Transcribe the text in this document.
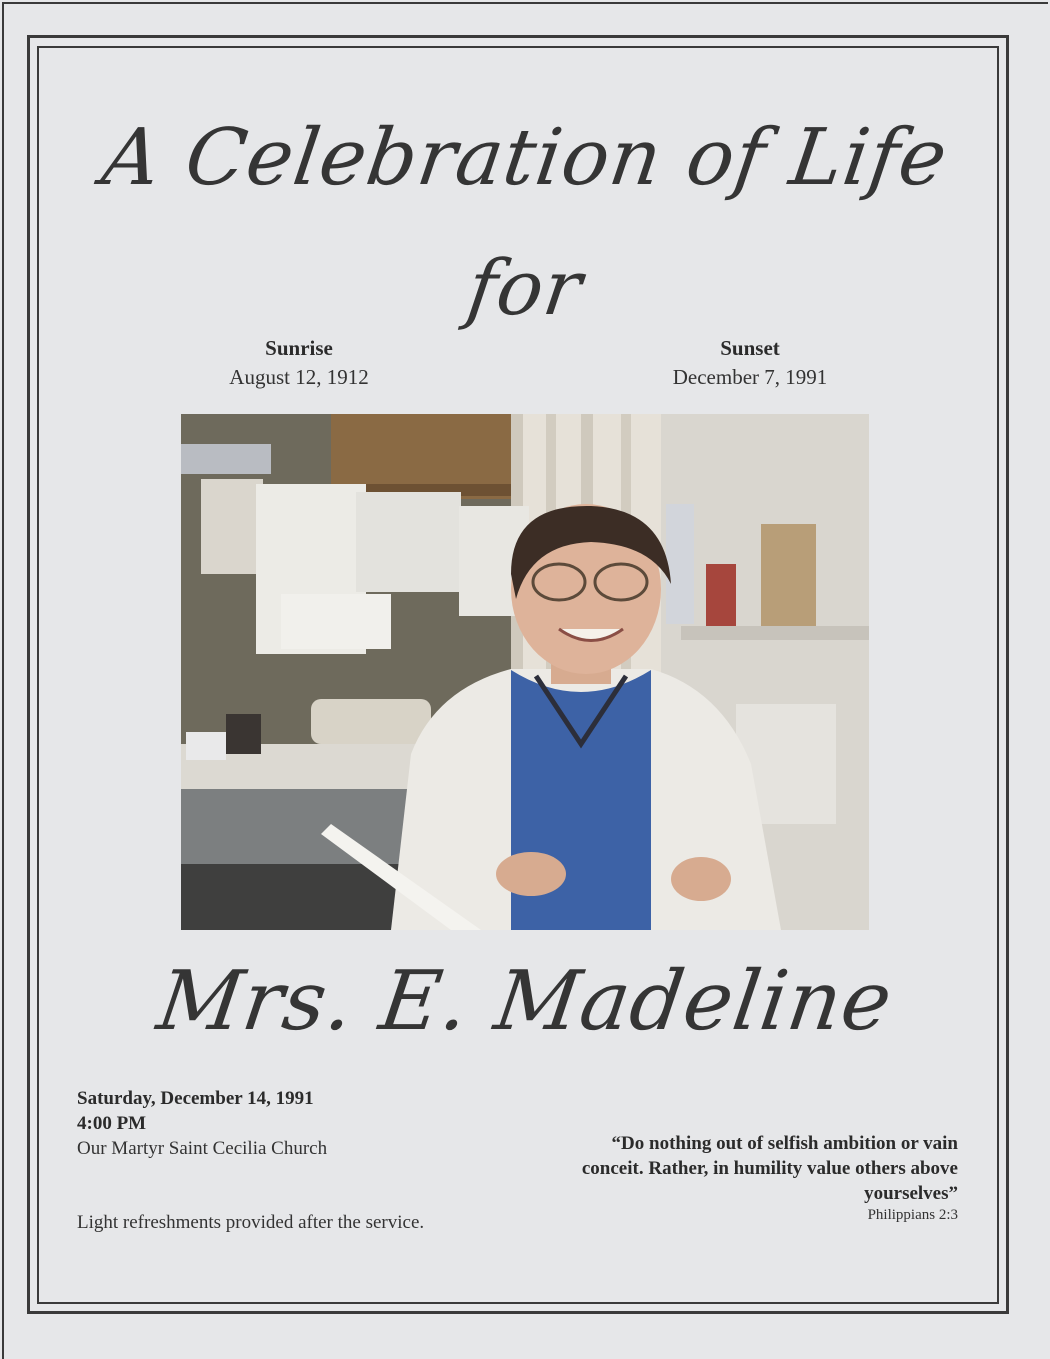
A Celebration of Life
for
Sunrise
August 12, 1912
Sunset
December 7, 1991
Mrs. E. Madeline
Saturday, December 14, 1991
4:00 PM
Our Martyr Saint Cecilia Church
Light refreshments provided after the service.
“Do nothing out of selfish ambition or vain conceit. Rather, in humility value others above yourselves”
Philippians 2:3
